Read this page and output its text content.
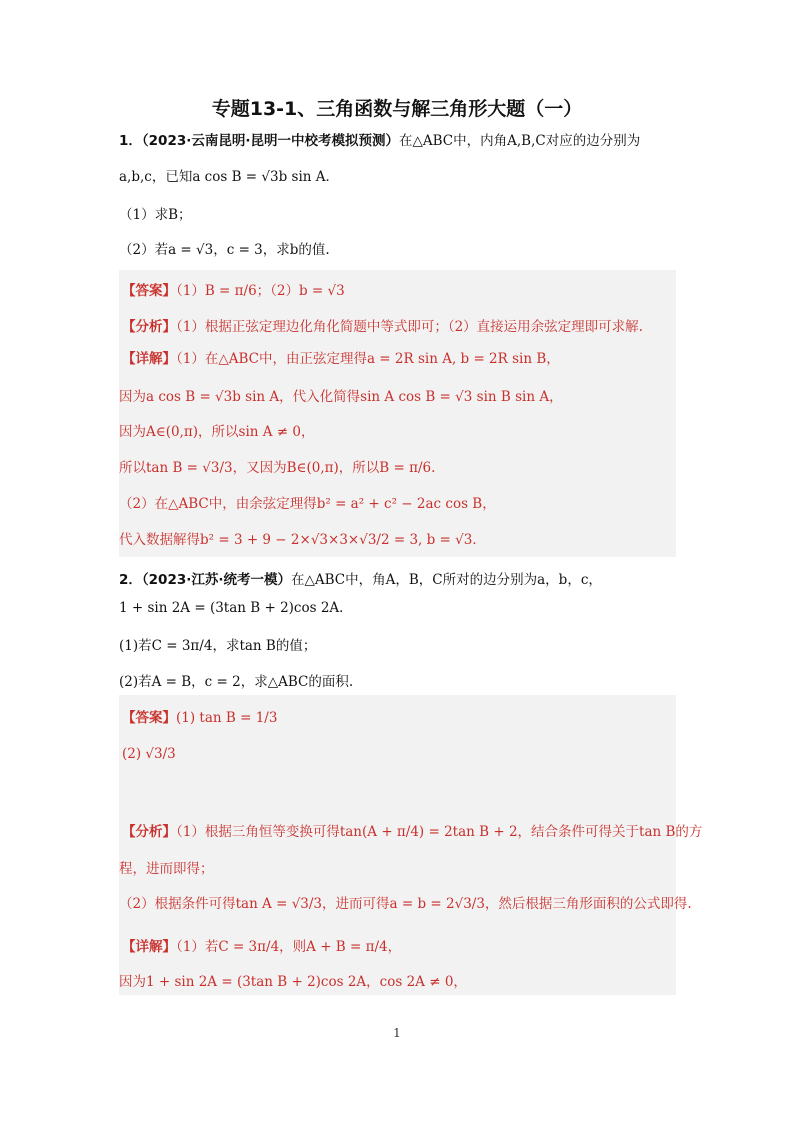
专题13-1、三角函数与解三角形大题（一）
1．（2023·云南昆明·昆明一中校考模拟预测）在△ABC中，内角A,B,C对应的边分别为
a,b,c，已知a cos B = √3b sin A．
（1）求B；
（2）若a = √3，c = 3，求b的值.
【答案】（1）B = π/6；（2）b = √3
【分析】（1）根据正弦定理边化角化简题中等式即可；（2）直接运用余弦定理即可求解.
【详解】（1）在△ABC中，由正弦定理得a = 2R sin A, b = 2R sin B，
因为a cos B = √3b sin A，代入化简得sin A cos B = √3 sin B sin A，
因为A∈(0,π)，所以sin A ≠ 0，
所以tan B = √3/3，又因为B∈(0,π)，所以B = π/6.
（2）在△ABC中，由余弦定理得b² = a² + c² − 2ac cos B，
代入数据解得b² = 3 + 9 − 2×√3×3×√3/2 = 3, b = √3．
2．（2023·江苏·统考一模）在△ABC中，角A，B，C所对的边分别为a，b，c，
1 + sin 2A = (3tan B + 2)cos 2A．
(1)若C = 3π/4，求tan B的值；
(2)若A = B，c = 2，求△ABC的面积.
【答案】(1) tan B = 1/3
(2) √3/3
【分析】（1）根据三角恒等变换可得tan(A + π/4) = 2tan B + 2，结合条件可得关于tan B的方
程，进而即得；
（2）根据条件可得tan A = √3/3，进而可得a = b = 2√3/3，然后根据三角形面积的公式即得.
【详解】（1）若C = 3π/4，则A + B = π/4，
因为1 + sin 2A = (3tan B + 2)cos 2A，cos 2A ≠ 0，
1
